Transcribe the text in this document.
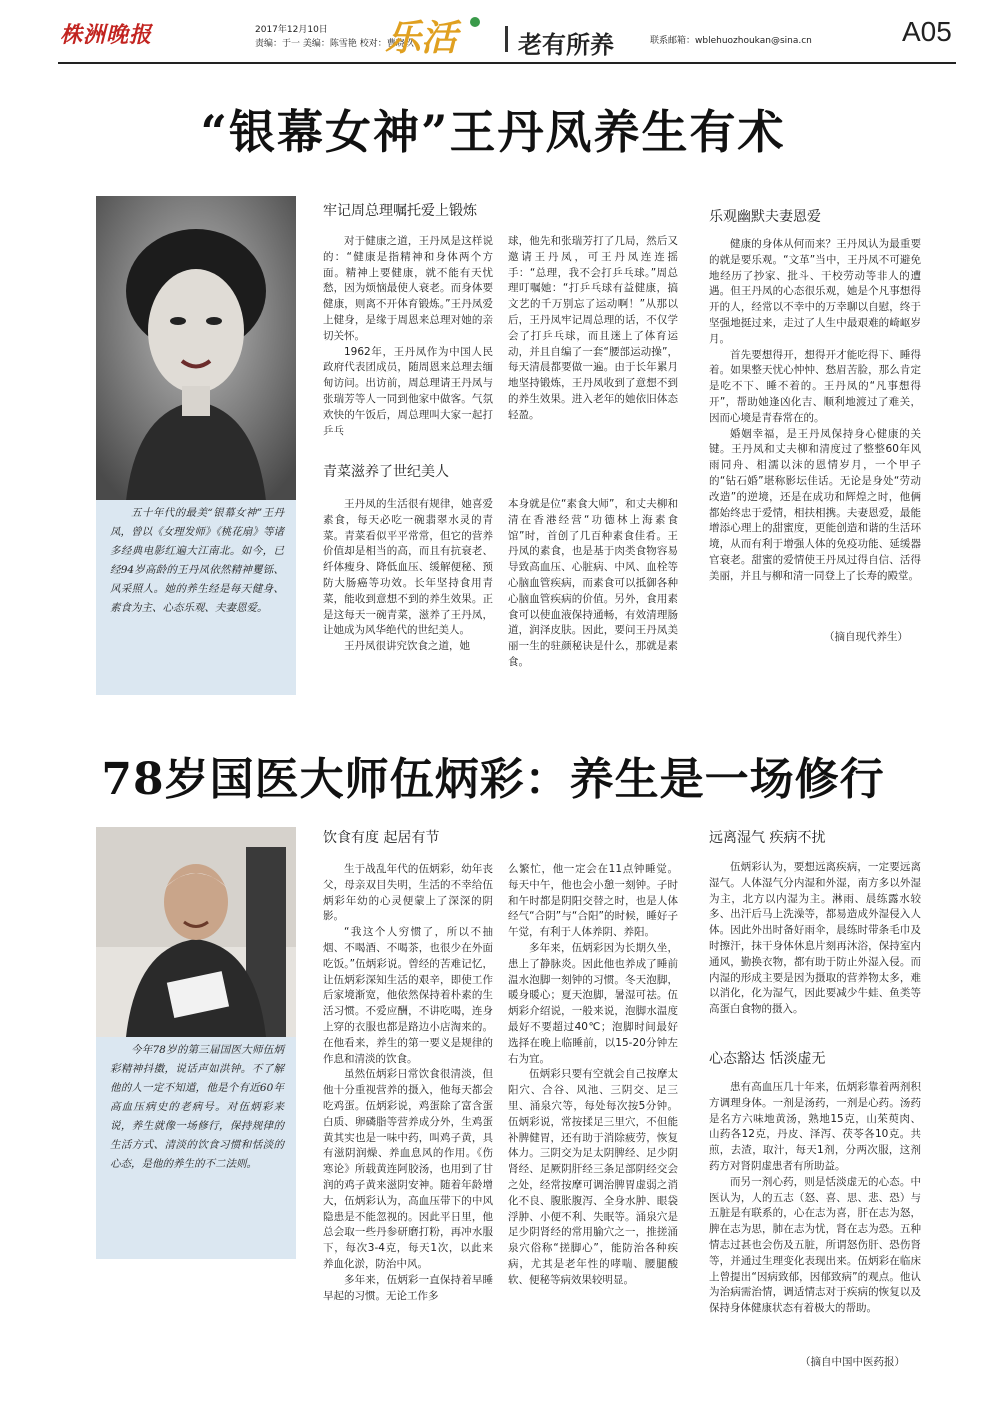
株洲晚报	2017年12月10日
责编：于一 美编：陈雪艳 校对：曹晓玖
乐活	老有所养	联系邮箱：wblehuozhoukan@sina.cn	A05
“银幕女神”王丹凤养生有术
五十年代的最美“银幕女神”王丹凤，曾以《女理发师》《桃花扇》等诸多经典电影红遍大江南北。如今，已经94岁高龄的王丹凤依然精神矍铄、风采照人。她的养生经是每天健身、素食为主、心态乐观、夫妻恩爱。
牢记周总理嘱托爱上锻炼

对于健康之道，王丹凤是这样说的：“健康是指精神和身体两个方面。精神上要健康，就不能有天忧愁，因为烦恼最使人衰老。而身体要健康，则离不开体育锻炼。”王丹凤爱上健身，是缘于周恩来总理对她的亲切关怀。

1962年，王丹凤作为中国人民政府代表团成员，随周恩来总理去缅甸访问。出访前，周总理请王丹凤与张瑞芳等人一同到他家中做客。气氛欢快的午饭后，周总理叫大家一起打乒乓

球，他先和张瑞芳打了几局，然后又邀请王丹凤，可王丹凤连连摇手：“总理，我不会打乒乓球。”周总理叮嘱她：“打乒乓球有益健康，搞文艺的千万别忘了运动啊！”从那以后，王丹凤牢记周总理的话，不仅学会了打乒乓球，而且迷上了体育运动，并且自编了一套“腰部运动操”，每天清晨都要做一遍。由于长年累月地坚持锻炼，王丹凤收到了意想不到的养生效果。进入老年的她依旧体态轻盈。

青菜滋养了世纪美人

王丹凤的生活很有规律，她喜爱素食，每天必吃一碗翡翠水灵的青菜。青菜看似平平常常，但它的营养价值却是相当的高，而且有抗衰老、纤体瘦身、降低血压、缓解便秘、预防大肠癌等功效。长年坚持食用青菜，能收到意想不到的养生效果。正是这每天一碗青菜，滋养了王丹凤，让她成为风华绝代的世纪美人。

王丹凤很讲究饮食之道，她

本身就是位“素食大师”，和丈夫柳和清在香港经营“功德林上海素食馆”时，首创了几百种素食佳肴。王丹凤的素食，也是基于肉类食物容易导致高血压、心脏病、中风、血栓等心脑血管疾病，而素食可以抵御各种心脑血管疾病的价值。另外，食用素食可以使血液保持通畅，有效清理肠道，润泽皮肤。因此，要问王丹凤美丽一生的驻颜秘诀是什么，那就是素食。

乐观幽默夫妻恩爱

健康的身体从何而来？王丹凤认为最重要的就是要乐观。“文革”当中，王丹凤不可避免地经历了抄家、批斗、干校劳动等非人的遭遇。但王丹凤的心态很乐观，她是个凡事想得开的人，经常以不幸中的万幸聊以自慰，终于坚强地挺过来，走过了人生中最艰难的崎岖岁月。

首先要想得开，想得开才能吃得下、睡得着。如果整天忧心忡忡、愁眉苦脸，那么肯定是吃不下、睡不着的。王丹凤的“凡事想得开”，帮助她逢凶化吉、顺利地渡过了难关，因而心境是青春常在的。

婚姻幸福，是王丹凤保持身心健康的关键。王丹凤和丈夫柳和清度过了整整60年风雨同舟、相濡以沫的恩情岁月，一个甲子的“钻石婚”堪称影坛佳话。无论是身处“劳动改造”的逆境，还是在成功和辉煌之时，他俩都始终忠于爱情，相扶相携。夫妻恩爱，最能增添心理上的甜蜜度，更能创造和谐的生活环境，从而有利于增强人体的免疫功能、延缓器官衰老。甜蜜的爱情使王丹凤过得自信、活得美丽，并且与柳和清一同登上了长寿的殿堂。

（摘自现代养生）
78岁国医大师伍炳彩：养生是一场修行
今年78岁的第三届国医大师伍炳彩精神抖擞，说话声如洪钟。不了解他的人一定不知道，他是个有近60年高血压病史的老病号。对伍炳彩来说，养生就像一场修行，保持规律的生活方式、清淡的饮食习惯和恬淡的心态，是他的养生的不二法则。
饮食有度 起居有节

生于战乱年代的伍炳彩，幼年丧父，母亲双目失明，生活的不幸给伍炳彩年幼的心灵便蒙上了深深的阴影。

“我这个人穷惯了，所以不抽烟、不喝酒、不喝茶，也很少在外面吃饭。”伍炳彩说。曾经的苦难记忆，让伍炳彩深知生活的艰辛，即使工作后家境渐宽，他依然保持着朴素的生活习惯。不爱应酬，不讲吃喝，连身上穿的衣服也都是路边小店淘来的。在他看来，养生的第一要义是规律的作息和清淡的饮食。

虽然伍炳彩日常饮食很清淡，但他十分重视营养的摄入，他每天都会吃鸡蛋。伍炳彩说，鸡蛋除了富含蛋白质、卵磷脂等营养成分外，生鸡蛋黄其实也是一味中药，叫鸡子黄，具有滋阴润燥、养血息风的作用。《伤寒论》所载黄连阿胶汤，也用到了甘润的鸡子黄来滋阴安神。随着年龄增大，伍炳彩认为，高血压带下的中风隐患是不能忽视的。因此平日里，他总会取一些丹参研磨打粉，再冲水服下，每次3-4克，每天1次，以此来养血化淤，防治中风。

多年来，伍炳彩一直保持着早睡早起的习惯。无论工作多

么繁忙，他一定会在11点钟睡觉。每天中午，他也会小憩一刻钟。子时和午时都是阴阳交替之时，也是人体经气“合阴”与“合阳”的时候，睡好子午觉，有利于人体养阴、养阳。

多年来，伍炳彩因为长期久坐，患上了静脉炎。因此他也养成了睡前温水泡脚一刻钟的习惯。冬天泡脚，暖身暖心；夏天泡脚，暑湿可祛。伍炳彩介绍说，一般来说，泡脚水温度最好不要超过40℃；泡脚时间最好选择在晚上临睡前，以15-20分钟左右为宜。

伍炳彩只要有空就会自己按摩太阳穴、合谷、风池、三阴交、足三里、涌泉穴等，每处每次按5分钟。伍炳彩说，常按揉足三里穴，不但能补脾健胃，还有助于消除疲劳，恢复体力。三阴交为足太阴脾经、足少阴肾经、足厥阴肝经三条足部阴经交会之处，经常按摩可调治脾胃虚弱之消化不良、腹胀腹泻、全身水肿、眼袋浮肿、小便不利、失眠等。涌泉穴是足少阴肾经的常用腧穴之一，推搓涌泉穴俗称“搓脚心”，能防治各种疾病，尤其是老年性的哮喘、腰腿酸软、便秘等病效果较明显。

远离湿气 疾病不扰

伍炳彩认为，要想远离疾病，一定要远离湿气。人体湿气分内湿和外湿，南方多以外湿为主，北方以内湿为主。淋雨、晨练露水较多、出汗后马上洗澡等，都易造成外湿侵入人体。因此外出时备好雨伞，晨练时带条毛巾及时擦汗，抹干身体休息片刻再沐浴，保持室内通风，勤换衣物，都有助于防止外湿入侵。而内湿的形成主要是因为摄取的营养物太多，难以消化，化为湿气，因此要减少牛蛙、鱼类等高蛋白食物的摄入。

心态豁达 恬淡虚无

患有高血压几十年来，伍炳彩靠着两剂积方调理身体。一剂是汤药，一剂是心药。汤药是名方六味地黄汤，熟地15克，山茱萸肉、山药各12克，丹皮、泽泻、茯苓各10克。共煎，去渣，取汁，每天1剂，分两次服，这剂药方对肾阴虚患者有所助益。

而另一剂心药，则是恬淡虚无的心态。中医认为，人的五志（怒、喜、思、悲、恐）与五脏是有联系的，心在志为喜，肝在志为怒，脾在志为思，肺在志为忧，肾在志为恐。五种情志过甚也会伤及五脏，所谓怒伤肝、恐伤肾等，并通过生理变化表现出来。伍炳彩在临床上曾提出“因病致郁，因郁致病”的观点。他认为治病需治情，调适情志对于疾病的恢复以及保持身体健康状态有着极大的帮助。

（摘自中国中医药报）
